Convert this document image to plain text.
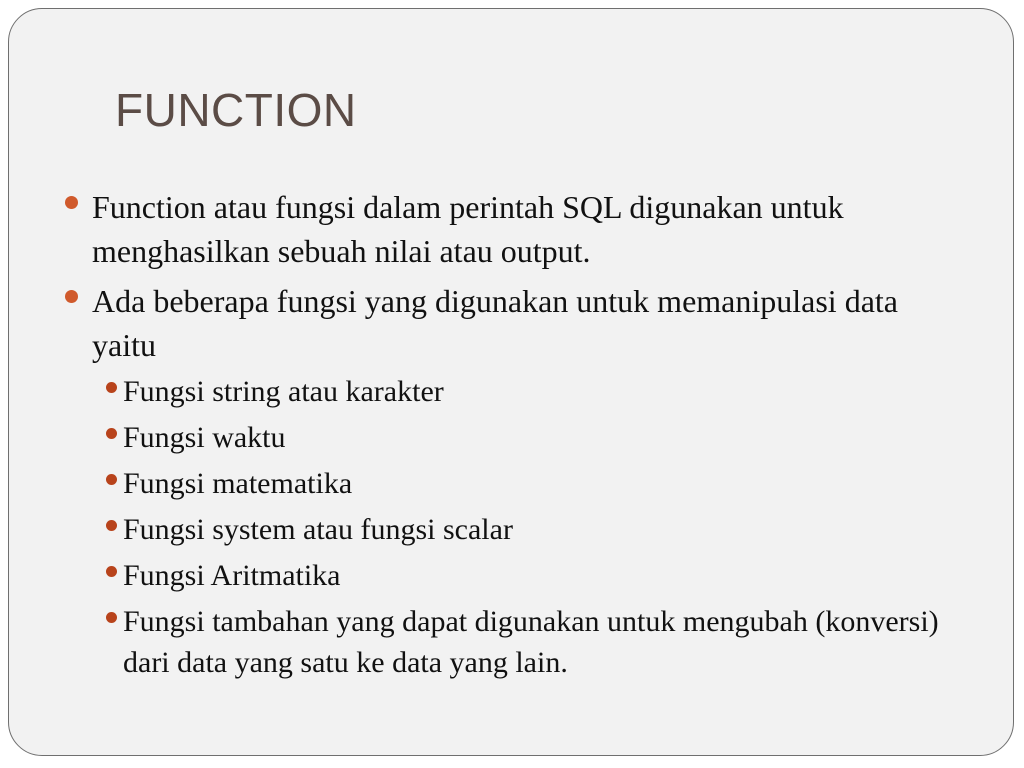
FUNCTION
Function atau fungsi dalam perintah SQL digunakan untuk menghasilkan sebuah nilai atau output.
Ada beberapa fungsi yang digunakan untuk memanipulasi data yaitu
Fungsi string atau karakter
Fungsi waktu
Fungsi matematika
Fungsi system atau fungsi scalar
Fungsi Aritmatika
Fungsi tambahan yang dapat digunakan untuk mengubah (konversi) dari data yang satu ke data yang lain.
